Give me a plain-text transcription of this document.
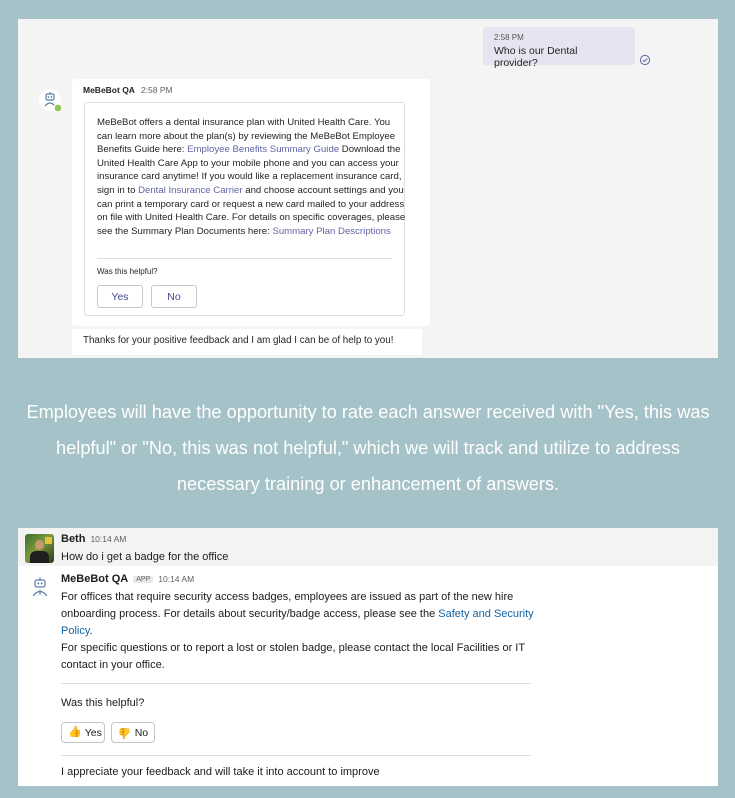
2:58 PM
Who is our Dental provider?
MeBeBot QA 2:58 PM
MeBeBot offers a dental insurance plan with United Health Care. You can learn more about the plan(s) by reviewing the MeBeBot Employee Benefits Guide here: Employee Benefits Summary Guide Download the United Health Care App to your mobile phone and you can access your insurance card anytime! If you would like a replacement insurance card, sign in to Dental Insurance Carrier and choose account settings and you can print a temporary card or request a new card mailed to your address on file with United Health Care. For details on specific coverages, please see the Summary Plan Documents here: Summary Plan Descriptions
Was this helpful?
Yes	No
Thanks for your positive feedback and I am glad I can be of help to you!
Employees will have the opportunity to rate each answer received with "Yes, this was helpful" or "No, this was not helpful," which we will track and utilize to address necessary training or enhancement of answers.
Beth 10:14 AM
How do i get a badge for the office
MeBeBot QA APP 10:14 AM
For offices that require security access badges, employees are issued as part of the new hire onboarding process. For details about security/badge access, please see the Safety and Security Policy.
For specific questions or to report a lost or stolen badge, please contact the local Facilities or IT contact in your office.
Was this helpful?
👍 Yes 👍 No
I appreciate your feedback and will take it into account to improve
